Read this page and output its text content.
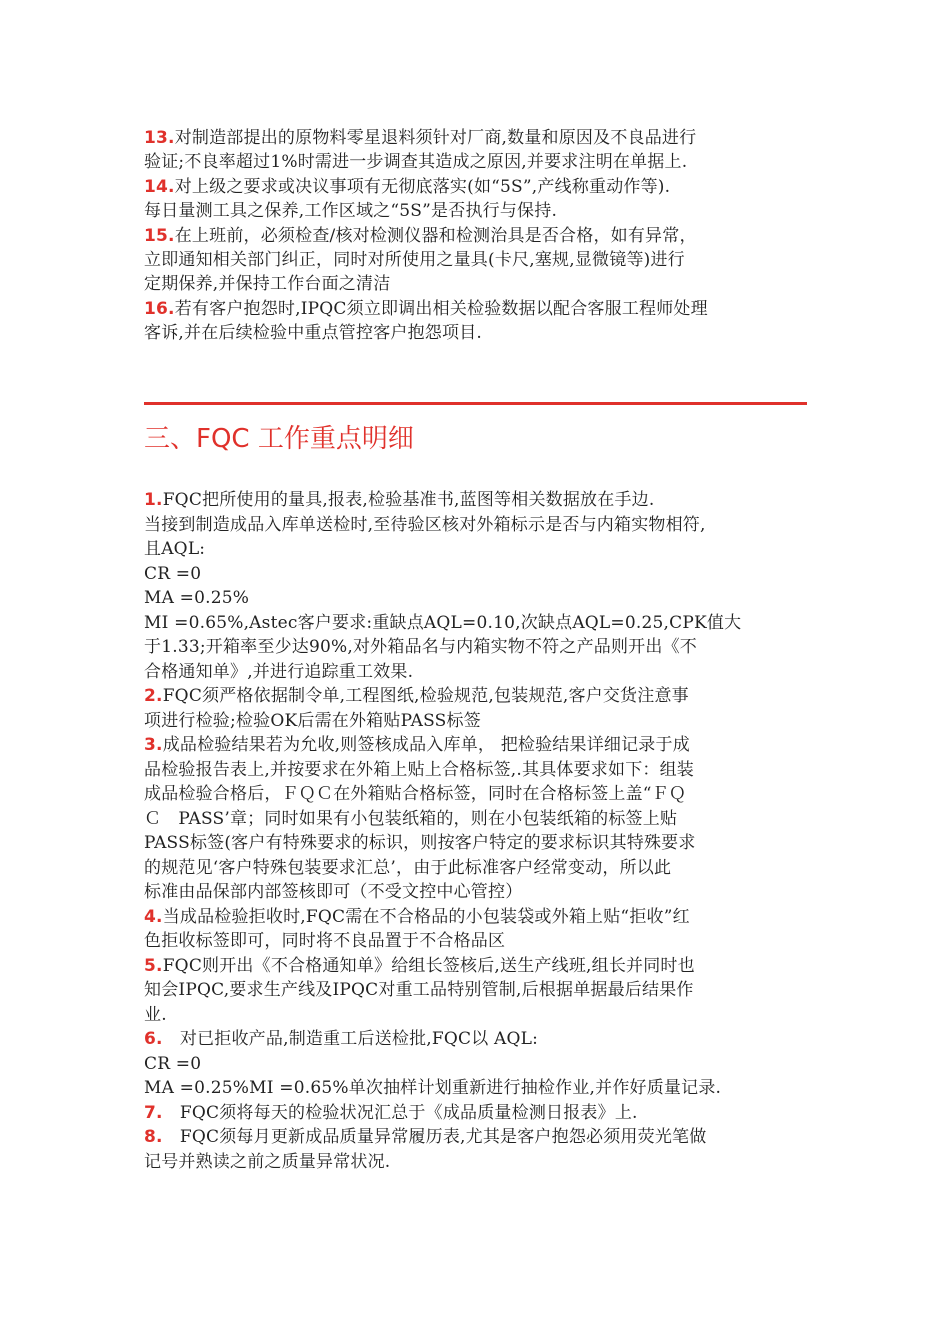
13.对制造部提出的原物料零星退料须针对厂商,数量和原因及不良品进行
验证;不良率超过1%时需进一步调查其造成之原因,并要求注明在单据上.
14.对上级之要求或决议事项有无彻底落实(如“5S”,产线称重动作等).
每日量测工具之保养,工作区域之“5S”是否执行与保持.
15.在上班前，必须检查/核对检测仪器和检测治具是否合格，如有异常，
立即通知相关部门纠正，同时对所使用之量具(卡尺,塞规,显微镜等)进行
定期保养,并保持工作台面之清洁
16.若有客户抱怨时,IPQC须立即调出相关检验数据以配合客服工程师处理
客诉,并在后续检验中重点管控客户抱怨项目.
三、FQC 工作重点明细
1.FQC把所使用的量具,报表,检验基准书,蓝图等相关数据放在手边.
当接到制造成品入库单送检时,至待验区核对外箱标示是否与内箱实物相符,
且AQL:
CR =0
MA =0.25%
MI =0.65%,Astec客户要求:重缺点AQL=0.10,次缺点AQL=0.25,CPK值大
于1.33;开箱率至少达90%,对外箱品名与内箱实物不符之产品则开出《不
合格通知单》,并进行追踪重工效果.
2.FQC须严格依据制令单,工程图纸,检验规范,包装规范,客户交货注意事
项进行检验;检验OK后需在外箱贴PASS标签
3.成品检验结果若为允收,则签核成品入库单， 把检验结果详细记录于成
品检验报告表上,并按要求在外箱上贴上合格标签,.其具体要求如下：组装
成品检验合格后，ＦＱＣ在外箱贴合格标签，同时在合格标签上盖“ＦＱ
Ｃ　PASS’章；同时如果有小包装纸箱的，则在小包装纸箱的标签上贴
PASS标签(客户有特殊要求的标识，则按客户特定的要求标识其特殊要求
的规范见‘客户特殊包装要求汇总’，由于此标准客户经常变动，所以此
标准由品保部内部签核即可（不受文控中心管控）
4.当成品检验拒收时,FQC需在不合格品的小包装袋或外箱上贴“拒收”红
色拒收标签即可，同时将不良品置于不合格品区
5.FQC则开出《不合格通知单》给组长签核后,送生产线班,组长并同时也
知会IPQC,要求生产线及IPQC对重工品特别管制,后根据单据最后结果作
业.
6.　对已拒收产品,制造重工后送检批,FQC以 AQL:
CR =0
MA =0.25%MI =0.65%单次抽样计划重新进行抽检作业,并作好质量记录.
7.　FQC须将每天的检验状况汇总于《成品质量检测日报表》上.
8.　FQC须每月更新成品质量异常履历表,尤其是客户抱怨必须用荧光笔做
记号并熟读之前之质量异常状况.
